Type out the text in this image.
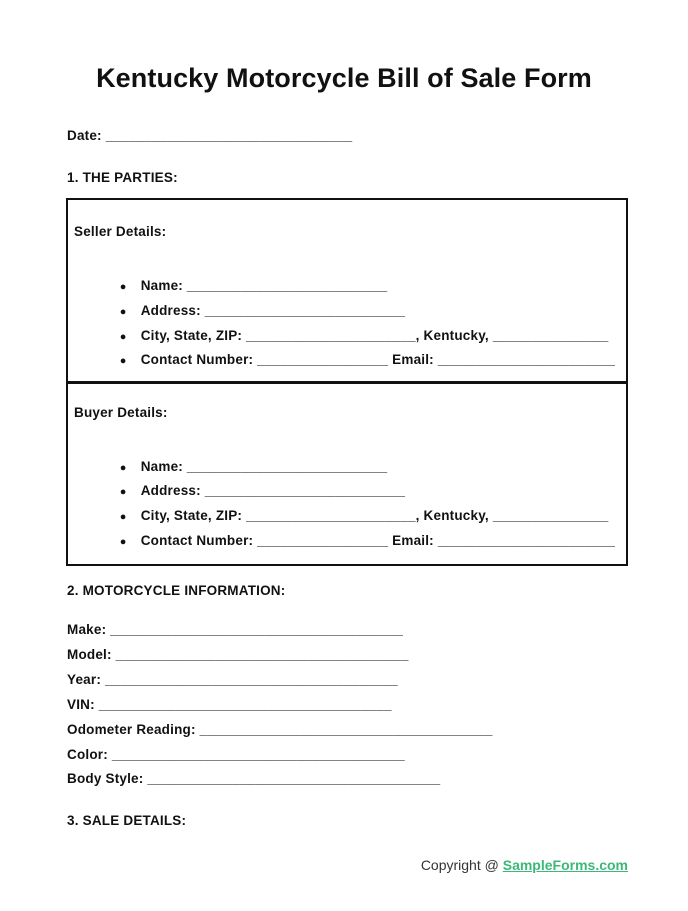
Kentucky Motorcycle Bill of Sale Form
Date: ________________________________
1. THE PARTIES:
Seller Details:

● Name: __________________________

● Address: __________________________

● City, State, ZIP: ______________________, Kentucky, _______________

● Contact Number: _________________ Email: _______________________

Buyer Details:

● Name: __________________________

● Address: __________________________

● City, State, ZIP: ______________________, Kentucky, _______________

● Contact Number: _________________ Email: _______________________

2. MOTORCYCLE INFORMATION:
Make: ______________________________________
Model: ______________________________________
Year: ______________________________________
VIN: ______________________________________
Odometer Reading: ______________________________________
Color: ______________________________________
Body Style: ______________________________________
3. SALE DETAILS:
Copyright @ SampleForms.com
